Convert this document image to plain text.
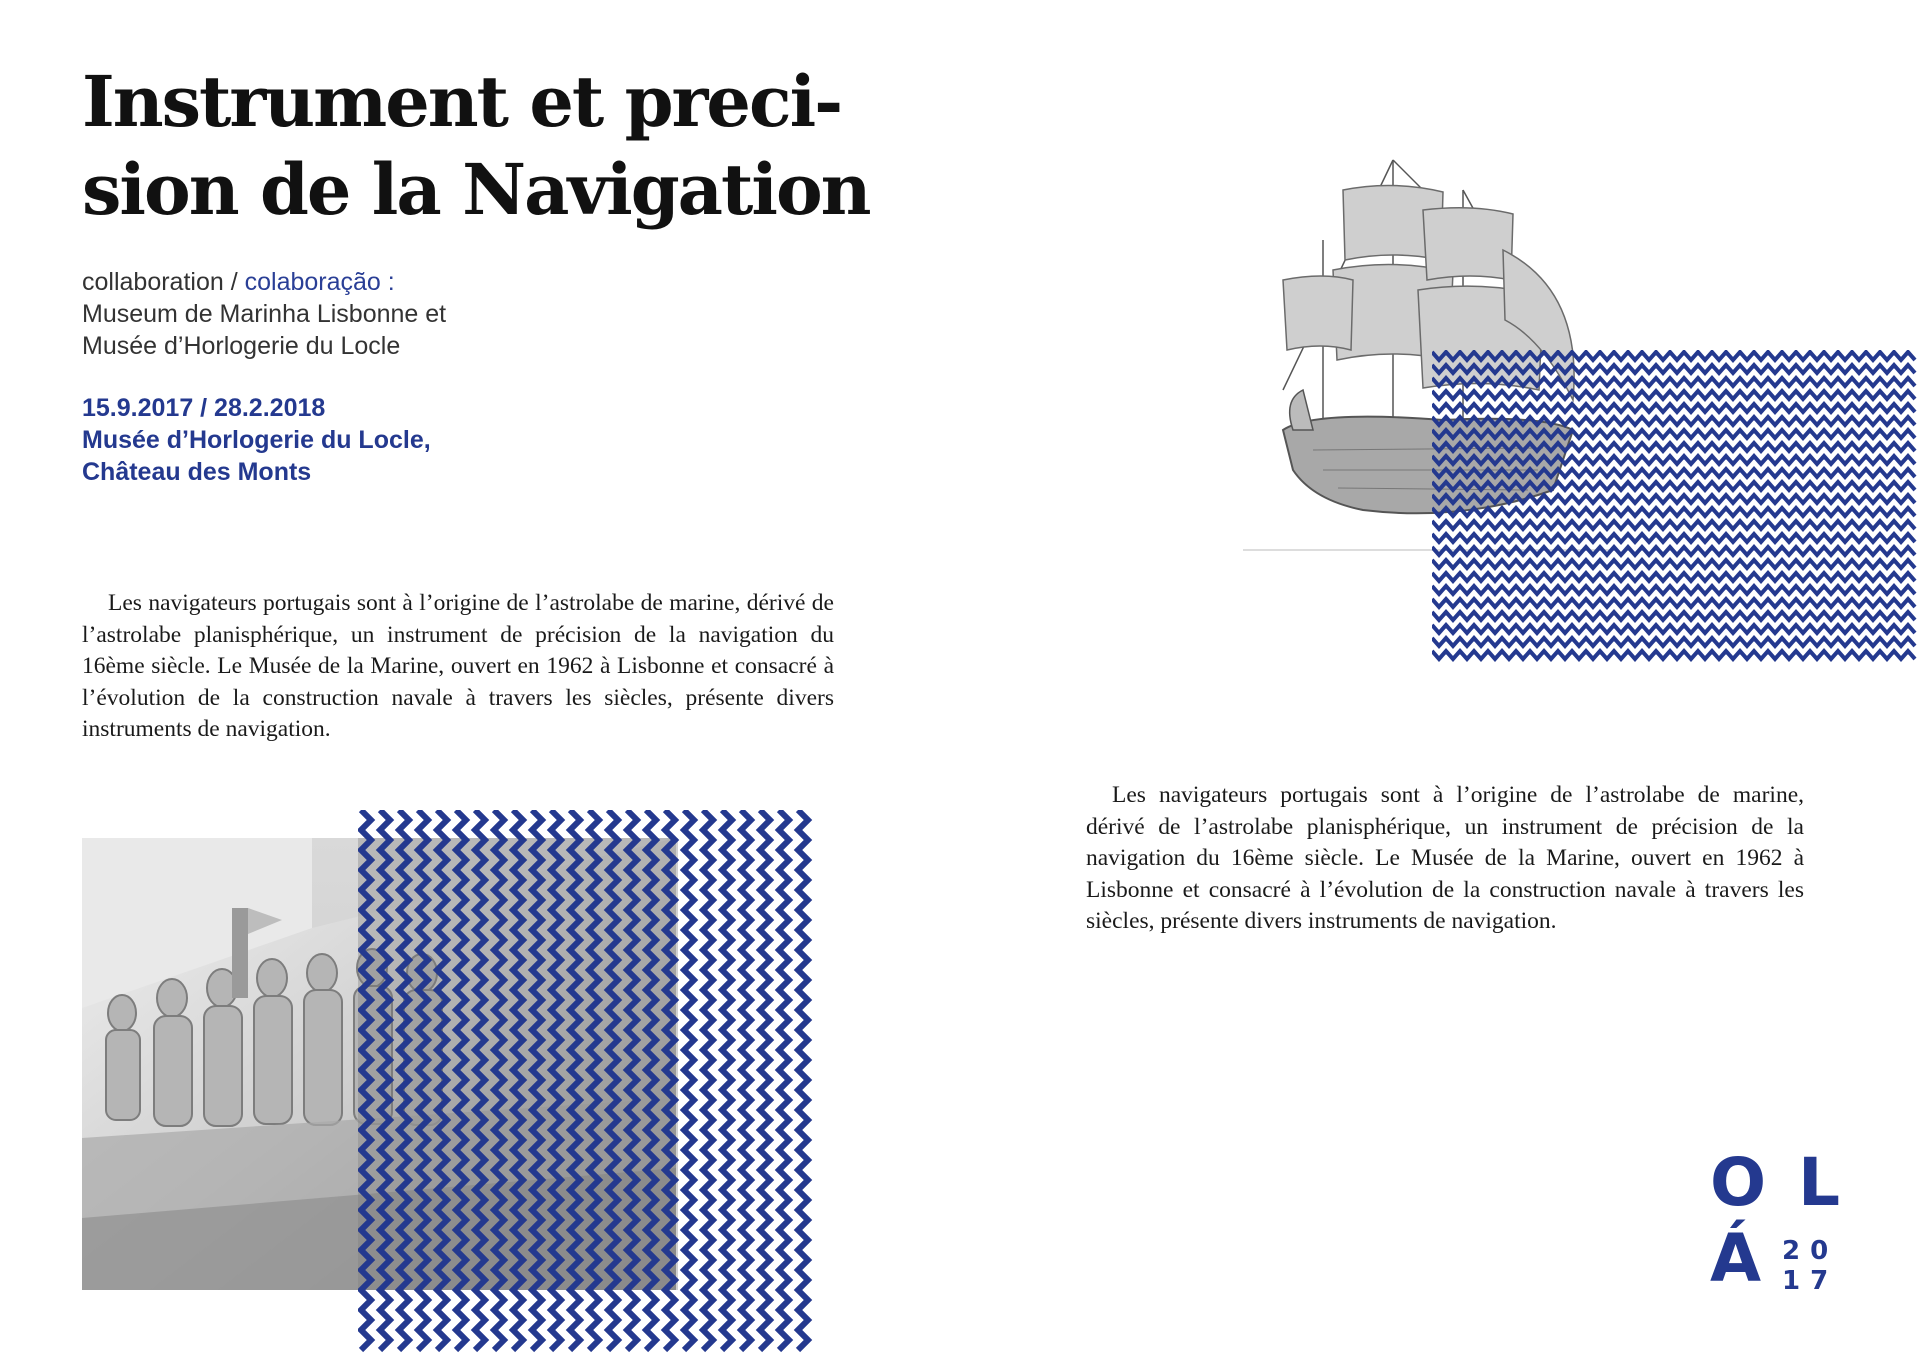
Instrument et preci-
sion de la Navigation
collaboration / colaboração :
Museum de Marinha Lisbonne et
Musée d’Horlogerie du Locle
15.9.2017 / 28.2.2018
Musée d’Horlogerie du Locle,
Château des Monts

Les navigateurs portugais sont à l’origine de l’astrolabe de marine, dérivé de l’astrolabe planisphérique, un instrument de précision de la navigation du 16ème siècle. Le Musée de la Marine, ouvert en 1962 à Lisbonne et consacré à l’évolution de la construction navale à travers les siècles, présente divers instruments de navigation.

Les navigateurs portugais sont à l’origine de l’astrolabe de marine, dérivé de l’astrolabe planisphérique, un instrument de précision de la navigation du 16ème siècle. Le Musée de la Marine, ouvert en 1962 à Lisbonne et consacré à l’évolution de la construction navale à travers les siècles, présente divers instruments de navigation.

O L
Á 20
17
